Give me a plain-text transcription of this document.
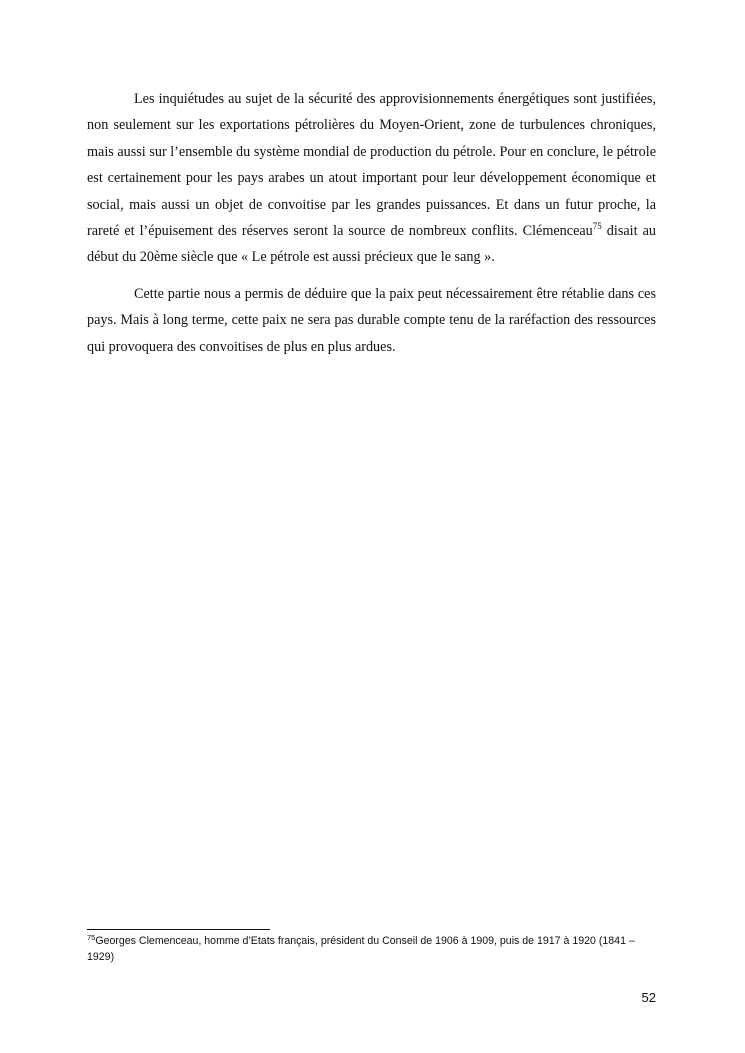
Les inquiétudes au sujet de la sécurité des approvisionnements énergétiques sont justifiées, non seulement sur les exportations pétrolières du Moyen-Orient, zone de turbulences chroniques, mais aussi sur l’ensemble du système mondial de production du pétrole. Pour en conclure, le pétrole est certainement pour les pays arabes un atout important pour leur développement économique et social, mais aussi un objet de convoitise par les grandes puissances. Et dans un futur proche, la rareté et l’épuisement des réserves seront la source de nombreux conflits. Clémenceau$^{75}$ disait au début du 20ème siècle que « Le pétrole est aussi précieux que le sang ».

Cette partie nous a permis de déduire que la paix peut nécessairement être rétablie dans ces pays. Mais à long terme, cette paix ne sera pas durable compte tenu de la raréfaction des ressources qui provoquera des convoitises de plus en plus ardues.

$^{75}$Georges Clemenceau, homme d’Etats français, président du Conseil de 1906 à 1909, puis de 1917 à 1920 (1841 – 1929)

52
